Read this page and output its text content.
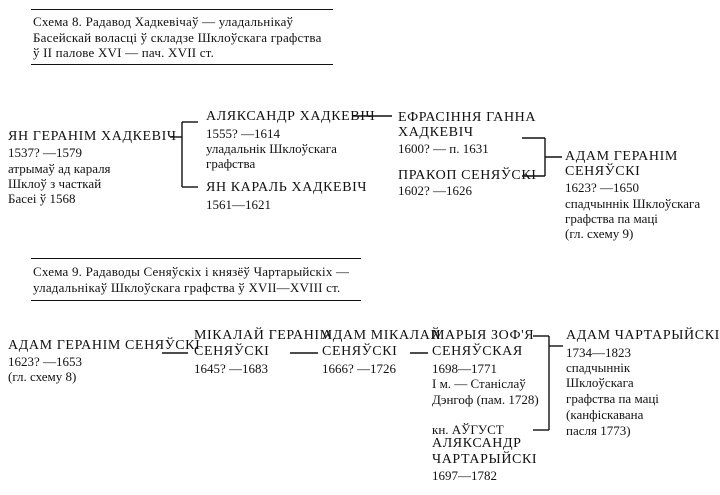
Схема 8. Радавод Хадкевічаў — уладальнікаў
Басейскай воласці ў складзе Шклоўскага графства
ў II палове XVI — пач. XVII ст.
ЯН ГЕРАНІМ ХАДКЕВІЧ
1537? —1579
атрымаў ад караля
Шклоў з часткай
Басеі ў 1568
АЛЯКСАНДР ХАДКЕВІЧ
1555? —1614
уладальнік Шклоўскага
графства
ЯН КАРАЛЬ ХАДКЕВІЧ
1561—1621
ЕФРАСІННЯ ГАННА
ХАДКЕВІЧ
1600? — п. 1631
ПРАКОП СЕНЯЎСКІ
1602? —1626
АДАМ ГЕРАНІМ
СЕНЯЎСКІ
1623? —1650
спадчыннік Шклоўскага
графства па маці
(гл. схему 9)
Схема 9. Радаводы Сеняўскіх і князёў Чартарыйскіх —
уладальнікаў Шклоўскага графства ў XVII—XVIII ст.
АДАМ ГЕРАНІМ СЕНЯЎСКІ
1623? —1653
(гл. схему 8)
МІКАЛАЙ ГЕРАНІМ
СЕНЯЎСКІ
1645? —1683
АДАМ МІКАЛАЙ
СЕНЯЎСКІ
1666? —1726
МАРЫЯ ЗОФ'Я
СЕНЯЎСКАЯ
1698—1771
І м. — Станіслаў
Дэнгоф (пам. 1728)
кн. АЎГУСТ
АЛЯКСАНДР
ЧАРТАРЫЙСКІ
1697—1782
АДАМ ЧАРТАРЫЙСКІ
1734—1823
спадчыннік
Шклоўскага
графства па маці
(канфіскавана
пасля 1773)
